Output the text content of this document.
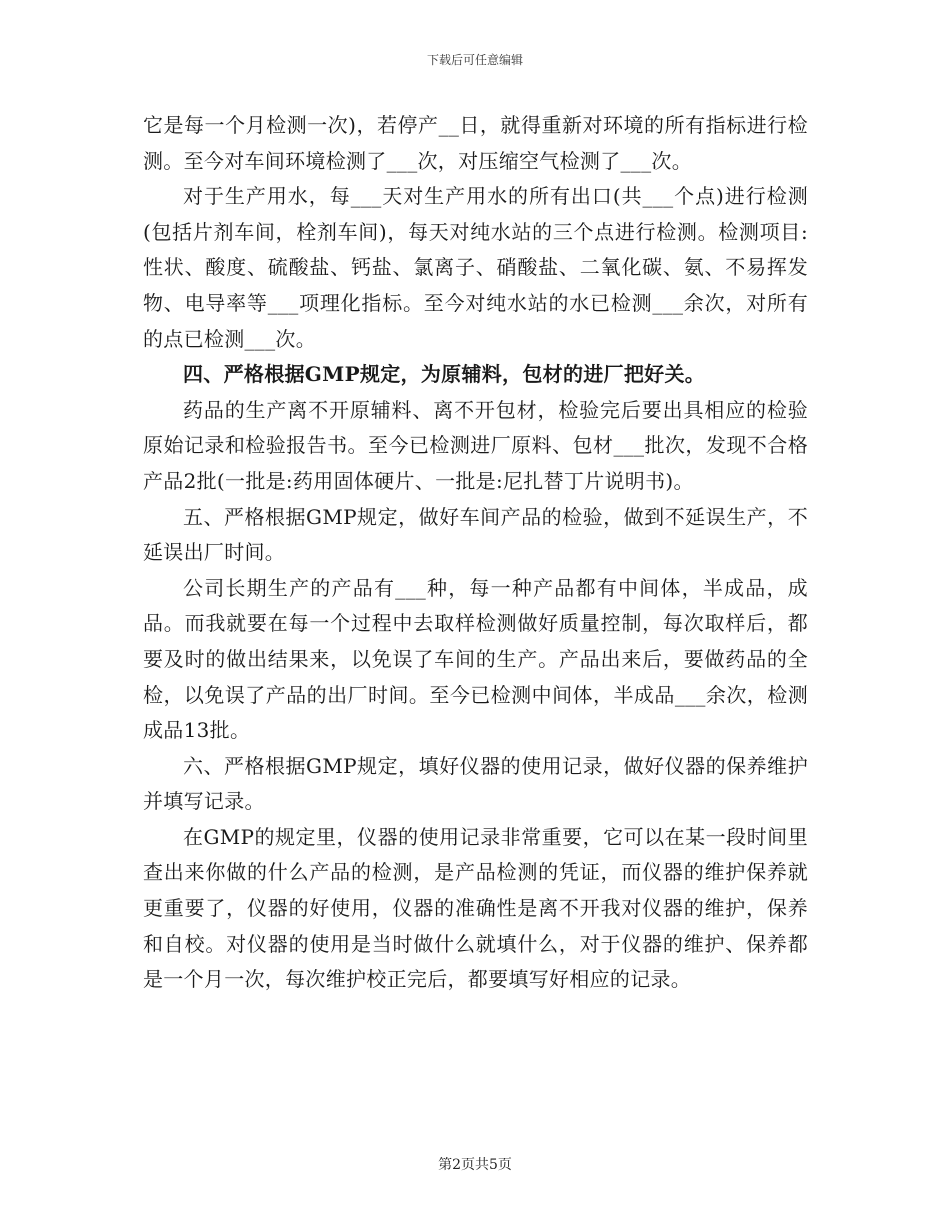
下载后可任意编辑

它是每一个月检测一次)，若停产__日，就得重新对环境的所有指标进行检测。至今对车间环境检测了___次，对压缩空气检测了___次。

对于生产用水，每___天对生产用水的所有出口(共___个点)进行检测(包括片剂车间，栓剂车间)，每天对纯水站的三个点进行检测。检测项目:性状、酸度、硫酸盐、钙盐、氯离子、硝酸盐、二氧化碳、氨、不易挥发物、电导率等___项理化指标。至今对纯水站的水已检测___余次，对所有的点已检测___次。

四、严格根据GMP规定，为原辅料，包材的进厂把好关。

药品的生产离不开原辅料、离不开包材，检验完后要出具相应的检验原始记录和检验报告书。至今已检测进厂原料、包材___批次，发现不合格产品2批(一批是:药用固体硬片、一批是:尼扎替丁片说明书)。

五、严格根据GMP规定，做好车间产品的检验，做到不延误生产，不延误出厂时间。

公司长期生产的产品有___种，每一种产品都有中间体，半成品，成品。而我就要在每一个过程中去取样检测做好质量控制，每次取样后，都要及时的做出结果来，以免误了车间的生产。产品出来后，要做药品的全检，以免误了产品的出厂时间。至今已检测中间体，半成品___余次，检测成品13批。

六、严格根据GMP规定，填好仪器的使用记录，做好仪器的保养维护并填写记录。

在GMP的规定里，仪器的使用记录非常重要，它可以在某一段时间里查出来你做的什么产品的检测，是产品检测的凭证，而仪器的维护保养就更重要了，仪器的好使用，仪器的准确性是离不开我对仪器的维护，保养和自校。对仪器的使用是当时做什么就填什么，对于仪器的维护、保养都是一个月一次，每次维护校正完后，都要填写好相应的记录。

第2页共5页
